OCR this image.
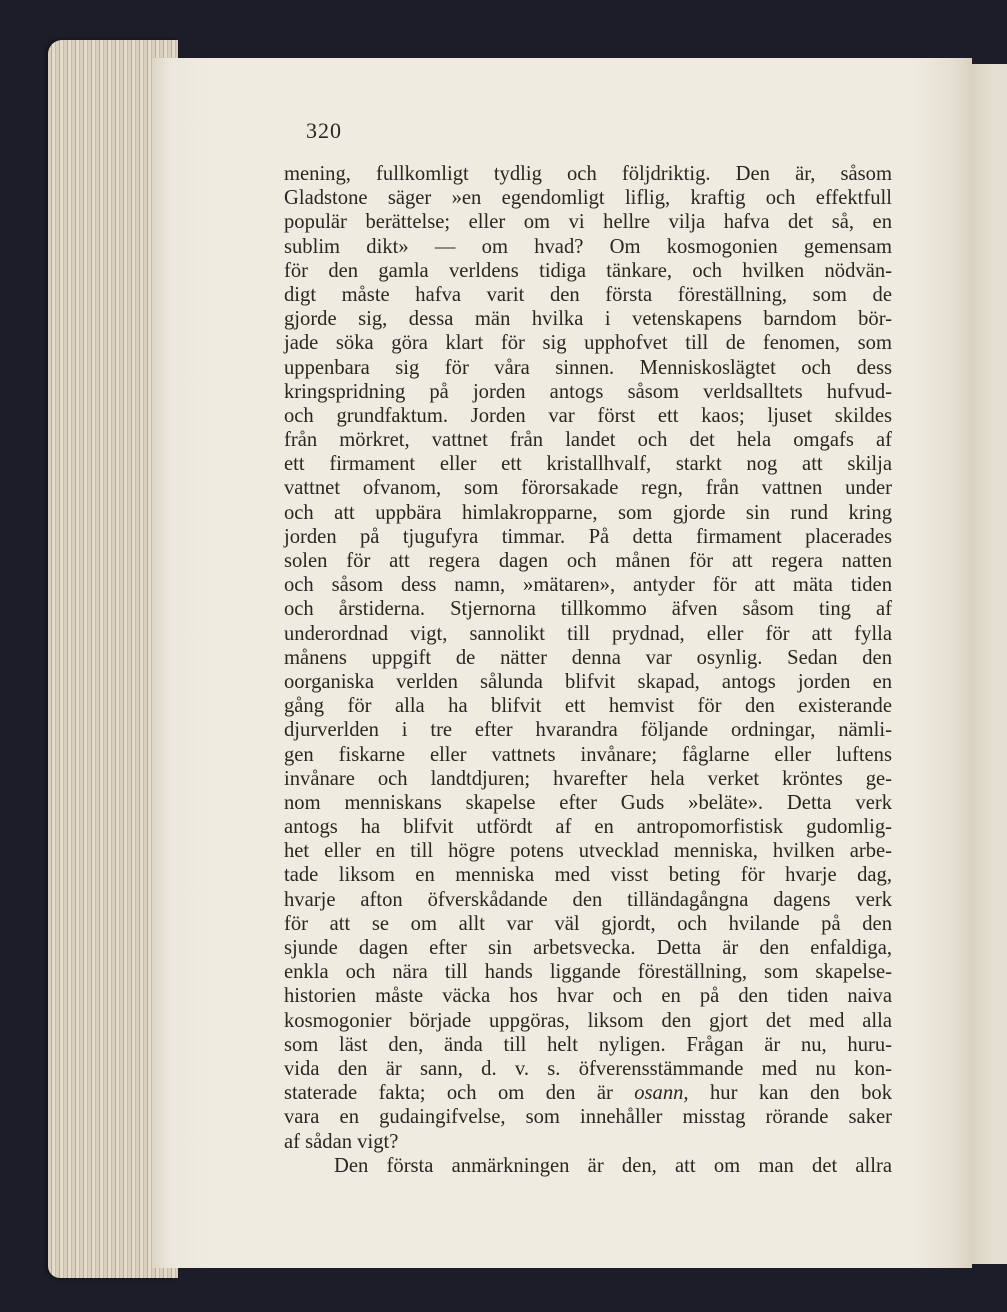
320
mening, fullkomligt tydlig och följdriktig. Den är, såsom
Gladstone säger »en egendomligt liflig, kraftig och effektfull
populär berättelse; eller om vi hellre vilja hafva det så, en
sublim dikt» — om hvad? Om kosmogonien gemensam
för den gamla verldens tidiga tänkare, och hvilken nödvän-
digt måste hafva varit den första föreställning, som de
gjorde sig, dessa män hvilka i vetenskapens barndom bör-
jade söka göra klart för sig upphofvet till de fenomen, som
uppenbara sig för våra sinnen. Menniskoslägtet och dess
kringspridning på jorden antogs såsom verldsalltets hufvud-
och grundfaktum. Jorden var först ett kaos; ljuset skildes
från mörkret, vattnet från landet och det hela omgafs af
ett firmament eller ett kristallhvalf, starkt nog att skilja
vattnet ofvanom, som förorsakade regn, från vattnen under
och att uppbära himlakropparne, som gjorde sin rund kring
jorden på tjugufyra timmar. På detta firmament placerades
solen för att regera dagen och månen för att regera natten
och såsom dess namn, »mätaren», antyder för att mäta tiden
och årstiderna. Stjernorna tillkommo äfven såsom ting af
underordnad vigt, sannolikt till prydnad, eller för att fylla
månens uppgift de nätter denna var osynlig. Sedan den
oorganiska verlden sålunda blifvit skapad, antogs jorden en
gång för alla ha blifvit ett hemvist för den existerande
djurverlden i tre efter hvarandra följande ordningar, nämli-
gen fiskarne eller vattnets invånare; fåglarne eller luftens
invånare och landtdjuren; hvarefter hela verket kröntes ge-
nom menniskans skapelse efter Guds »beläte». Detta verk
antogs ha blifvit utfördt af en antropomorfistisk gudomlig-
het eller en till högre potens utvecklad menniska, hvilken arbe-
tade liksom en menniska med visst beting för hvarje dag,
hvarje afton öfverskådande den tilländagångna dagens verk
för att se om allt var väl gjordt, och hvilande på den
sjunde dagen efter sin arbetsvecka. Detta är den enfaldiga,
enkla och nära till hands liggande föreställning, som skapelse-
historien måste väcka hos hvar och en på den tiden naiva
kosmogonier började uppgöras, liksom den gjort det med alla
som läst den, ända till helt nyligen. Frågan är nu, huru-
vida den är sann, d. v. s. öfverensstämmande med nu kon-
staterade fakta; och om den är osann, hur kan den bok
vara en gudaingifvelse, som innehåller misstag rörande saker
af sådan vigt?
Den första anmärkningen är den, att om man det allra
